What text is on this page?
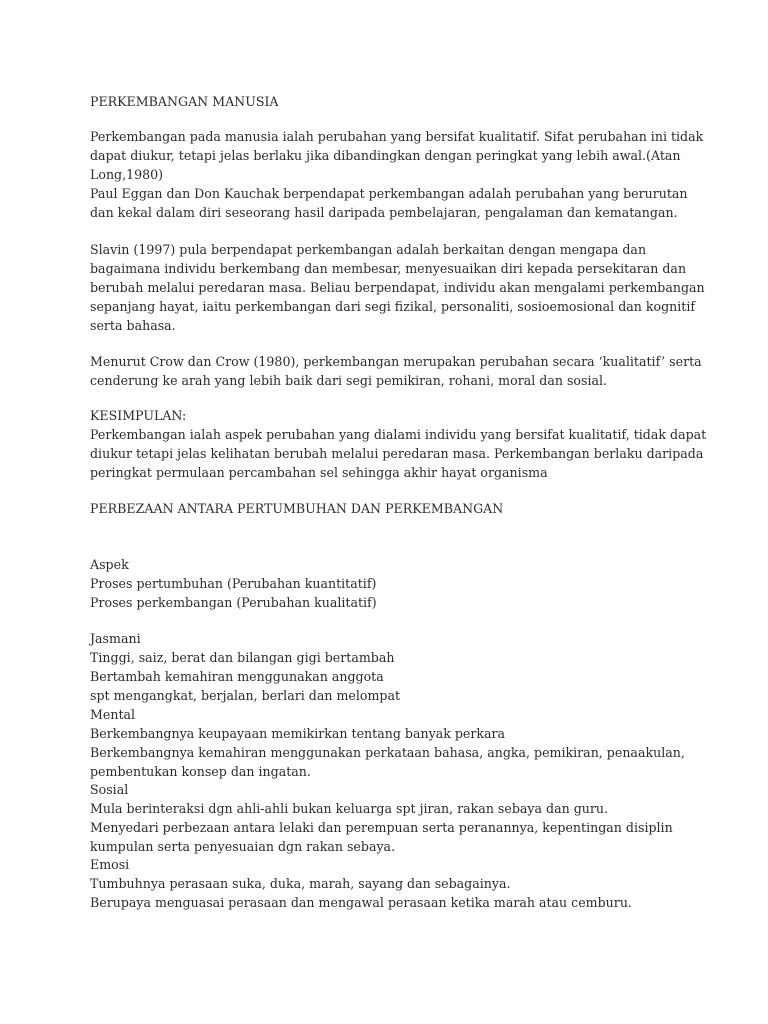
PERKEMBANGAN MANUSIA
Perkembangan pada manusia ialah perubahan yang bersifat kualitatif. Sifat perubahan ini tidak
dapat diukur, tetapi jelas berlaku jika dibandingkan dengan peringkat yang lebih awal.(Atan
Long,1980)
Paul Eggan dan Don Kauchak berpendapat perkembangan adalah perubahan yang berurutan
dan kekal dalam diri seseorang hasil daripada pembelajaran, pengalaman dan kematangan.
Slavin (1997) pula berpendapat perkembangan adalah berkaitan dengan mengapa dan
bagaimana individu berkembang dan membesar, menyesuaikan diri kepada persekitaran dan
berubah melalui peredaran masa. Beliau berpendapat, individu akan mengalami perkembangan
sepanjang hayat, iaitu perkembangan dari segi fizikal, personaliti, sosioemosional dan kognitif
serta bahasa.
Menurut Crow dan Crow (1980), perkembangan merupakan perubahan secara ‘kualitatif’ serta
cenderung ke arah yang lebih baik dari segi pemikiran, rohani, moral dan sosial.
KESIMPULAN:
Perkembangan ialah aspek perubahan yang dialami individu yang bersifat kualitatif, tidak dapat
diukur tetapi jelas kelihatan berubah melalui peredaran masa. Perkembangan berlaku daripada
peringkat permulaan percambahan sel sehingga akhir hayat organisma
PERBEZAAN ANTARA PERTUMBUHAN DAN PERKEMBANGAN
Aspek
Proses pertumbuhan (Perubahan kuantitatif)
Proses perkembangan (Perubahan kualitatif)
Jasmani
Tinggi, saiz, berat dan bilangan gigi bertambah
Bertambah kemahiran menggunakan anggota
spt mengangkat, berjalan, berlari dan melompat
Mental
Berkembangnya keupayaan memikirkan tentang banyak perkara
Berkembangnya kemahiran menggunakan perkataan bahasa, angka, pemikiran, penaakulan,
pembentukan konsep dan ingatan.
Sosial
Mula berinteraksi dgn ahli-ahli bukan keluarga spt jiran, rakan sebaya dan guru.
Menyedari perbezaan antara lelaki dan perempuan serta peranannya, kepentingan disiplin
kumpulan serta penyesuaian dgn rakan sebaya.
Emosi
Tumbuhnya perasaan suka, duka, marah, sayang dan sebagainya.
Berupaya menguasai perasaan dan mengawal perasaan ketika marah atau cemburu.
